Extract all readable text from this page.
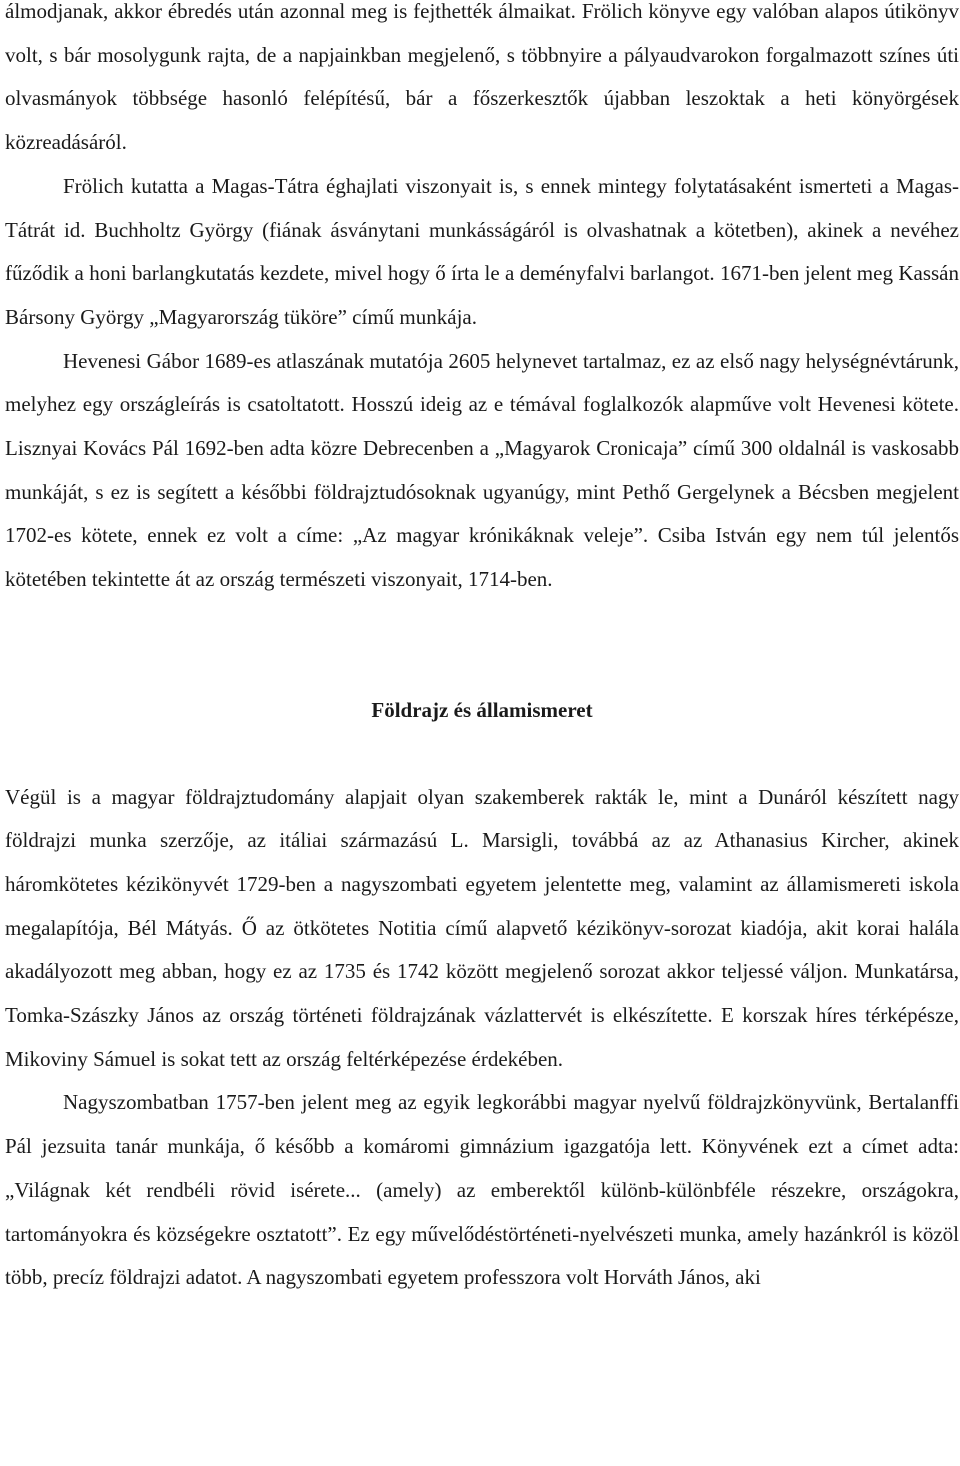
álmodjanak, akkor ébredés után azonnal meg is fejthették álmaikat. Frölich könyve egy valóban alapos útikönyv volt, s bár mosolygunk rajta, de a napjainkban megjelenő, s többnyire a pályaudvarokon forgalmazott színes úti olvasmányok többsége hasonló felépítésű, bár a főszerkesztők újabban leszoktak a heti könyörgések közreadásáról.

Frölich kutatta a Magas-Tátra éghajlati viszonyait is, s ennek mintegy folytatásaként ismerteti a Magas-Tátrát id. Buchholtz György (fiának ásványtani munkásságáról is olvashatnak a kötetben), akinek a nevéhez fűződik a honi barlangkutatás kezdete, mivel hogy ő írta le a deményfalvi barlangot. 1671-ben jelent meg Kassán Bársony György „Magyarország tüköre” című munkája.

Hevenesi Gábor 1689-es atlaszának mutatója 2605 helynevet tartalmaz, ez az első nagy helységnévtárunk, melyhez egy országleírás is csatoltatott. Hosszú ideig az e témával foglalkozók alapműve volt Hevenesi kötete. Lisznyai Kovács Pál 1692-ben adta közre Debrecenben a „Magyarok Cronicaja” című 300 oldalnál is vaskosabb munkáját, s ez is segített a későbbi földrajztudósoknak ugyanúgy, mint Pethő Gergelynek a Bécsben megjelent 1702-es kötete, ennek ez volt a címe: „Az magyar krónikáknak veleje”. Csiba István egy nem túl jelentős kötetében tekintette át az ország természeti viszonyait, 1714-ben.

Földrajz és államismeret

Végül is a magyar földrajztudomány alapjait olyan szakemberek rakták le, mint a Dunáról készített nagy földrajzi munka szerzője, az itáliai származású L. Marsigli, továbbá az az Athanasius Kircher, akinek háromkötetes kézikönyvét 1729-ben a nagyszombati egyetem jelentette meg, valamint az államismereti iskola megalapítója, Bél Mátyás. Ő az ötkötetes Notitia című alapvető kézikönyv-sorozat kiadója, akit korai halála akadályozott meg abban, hogy ez az 1735 és 1742 között megjelenő sorozat akkor teljessé váljon. Munkatársa, Tomka-Szászky János az ország történeti földrajzának vázlattervét is elkészítette. E korszak híres térképésze, Mikoviny Sámuel is sokat tett az ország feltérképezése érdekében.

Nagyszombatban 1757-ben jelent meg az egyik legkorábbi magyar nyelvű földrajzkönyvünk, Bertalanffi Pál jezsuita tanár munkája, ő később a komáromi gimnázium igazgatója lett. Könyvének ezt a címet adta: „Világnak két rendbéli rövid isérete... (amely) az emberektől különb-különbféle részekre, országokra, tartományokra és községekre osztatott”. Ez egy művelődéstörténeti-nyelvészeti munka, amely hazánkról is közöl több, precíz földrajzi adatot. A nagyszombati egyetem professzora volt Horváth János, aki
